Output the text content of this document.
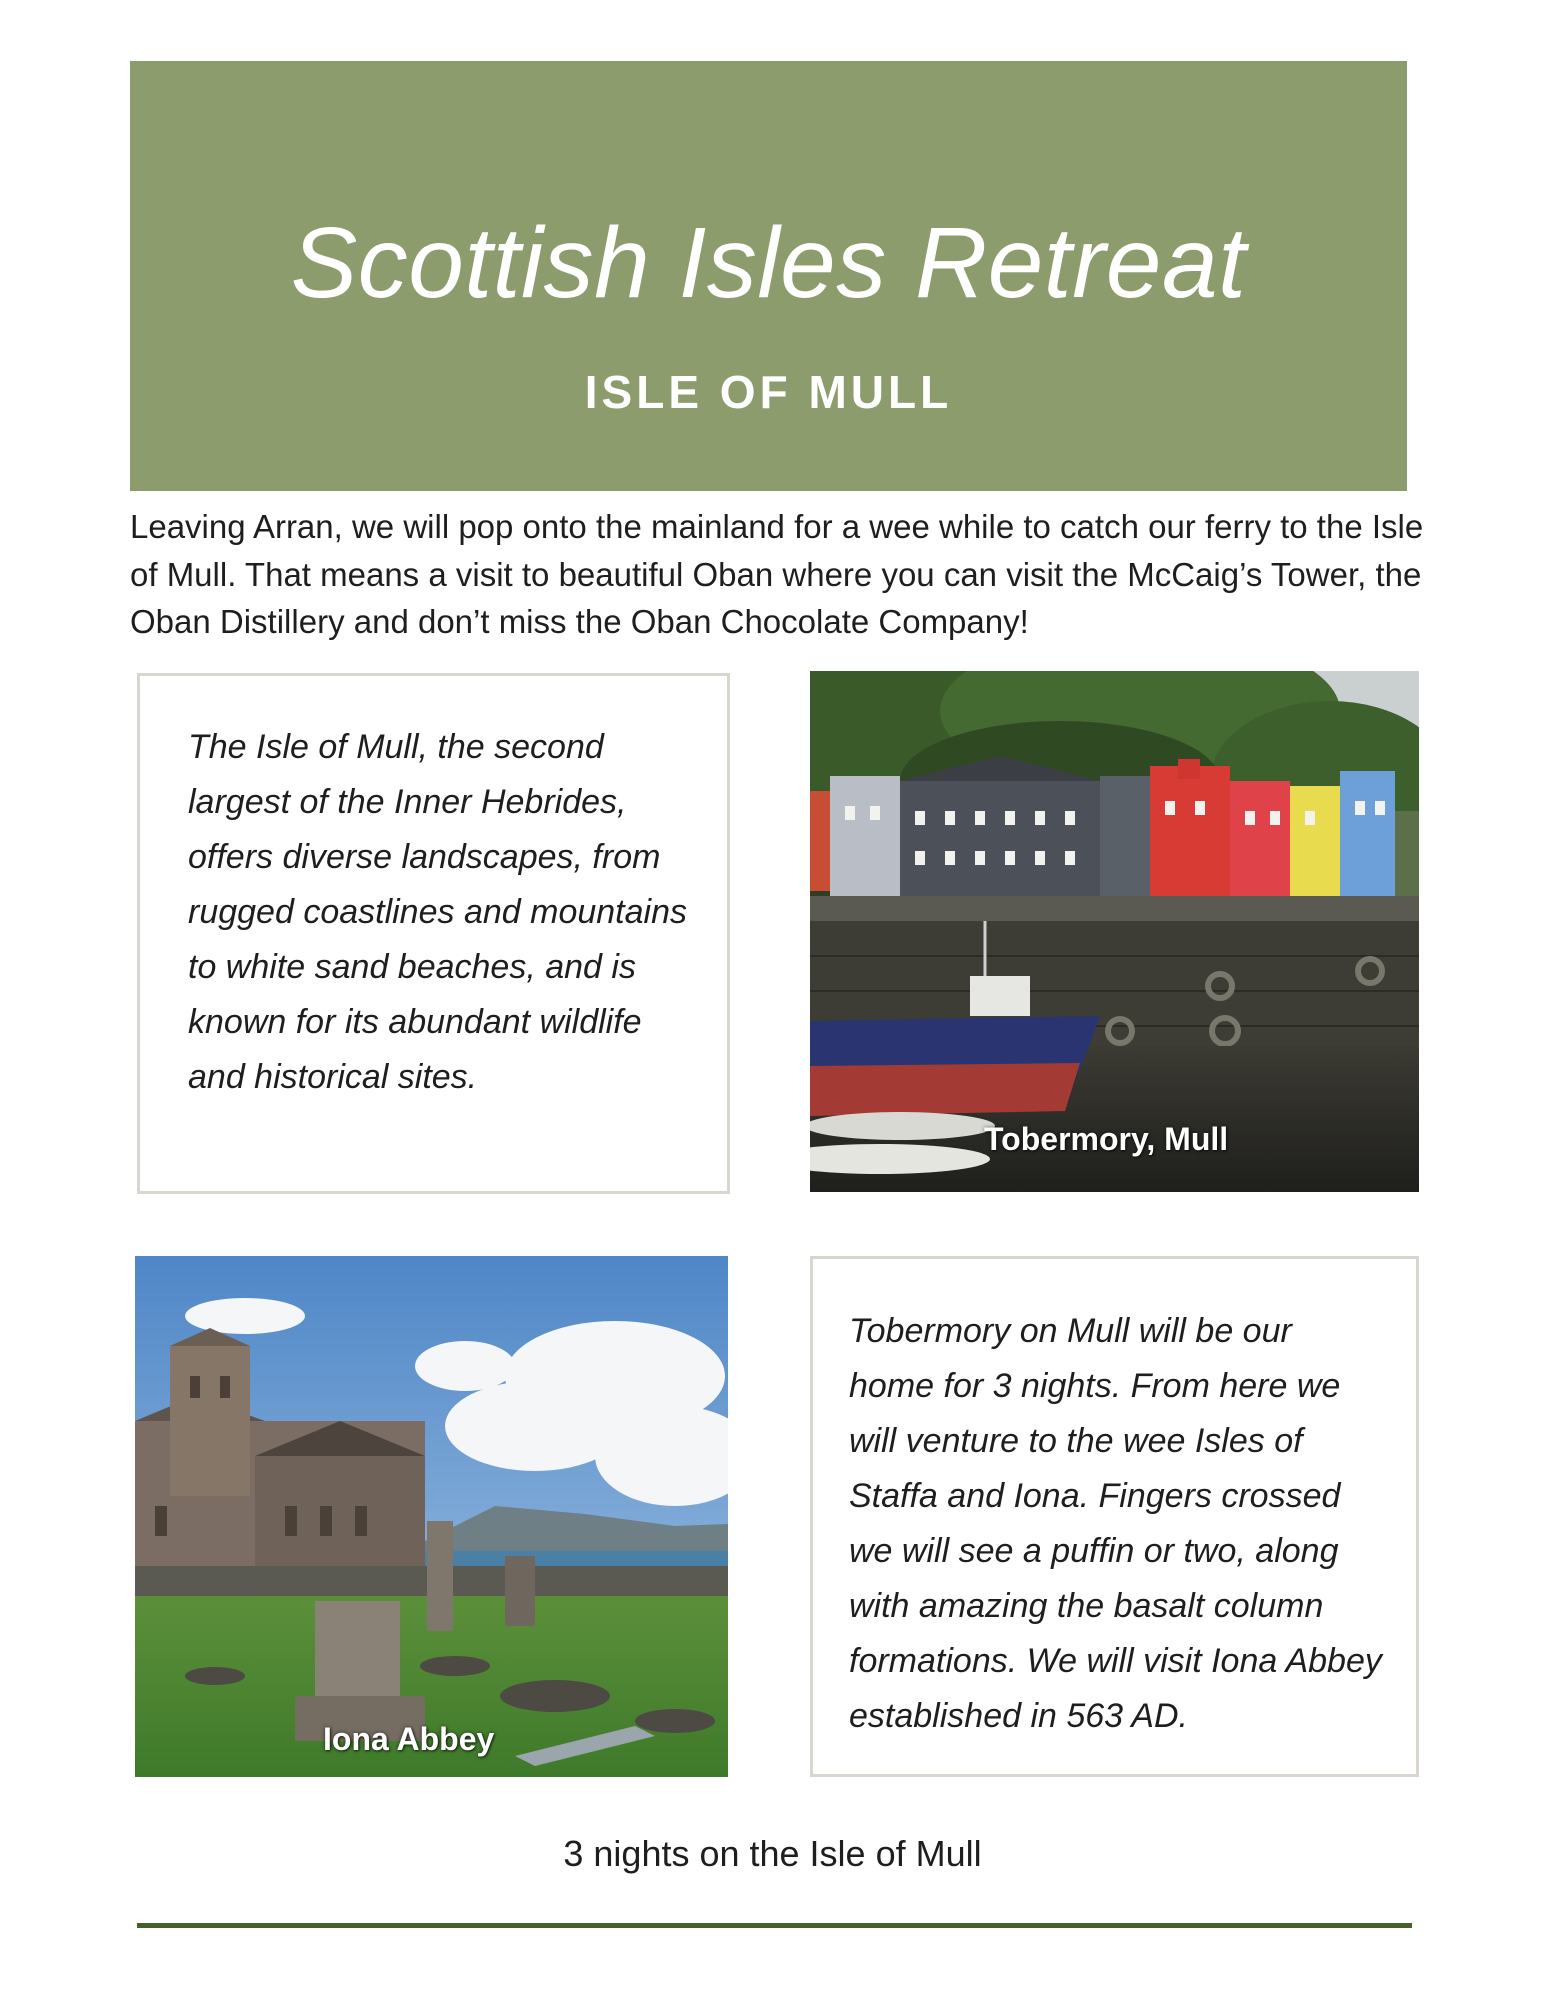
Scottish Isles Retreat
ISLE OF MULL

Leaving Arran, we will pop onto the mainland for a wee while to catch our ferry to the Isle of Mull. That means a visit to beautiful Oban where you can visit the McCaig’s Tower, the Oban Distillery and don’t miss the Oban Chocolate Company!

The Isle of Mull, the second largest of the Inner Hebrides, offers diverse landscapes, from rugged coastlines and mountains to white sand beaches, and is known for its abundant wildlife and historical sites.

Tobermory, Mull
Iona Abbey

Tobermory on Mull will be our home for 3 nights. From here we will venture to the wee Isles of Staffa and Iona. Fingers crossed we will see a puffin or two, along with amazing the basalt column formations. We will visit Iona Abbey established in 563 AD.

3 nights on the Isle of Mull
